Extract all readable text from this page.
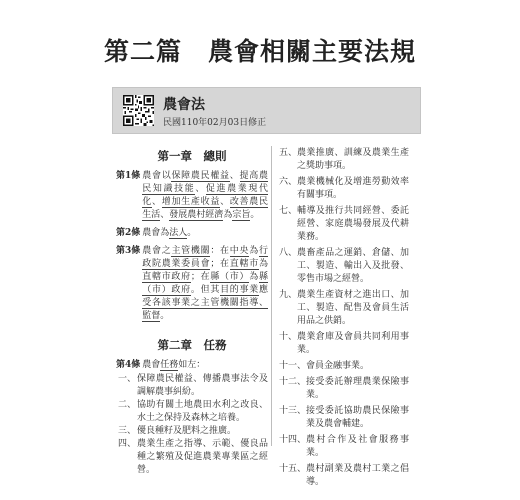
第二篇　農會相關主要法規
農會法
民國110年02月03日修正
第一章　總則
第1條 農會以保障農民權益、提高農民知識技能、促進農業現代化、增加生產收益、改善農民生活、發展農村經濟為宗旨。
第2條 農會為法人。
第3條 農會之主管機關：在中央為行政院農業委員會；在直轄市為直轄市政府；在縣（市）為縣（市）政府。但其目的事業應受各該事業之主管機關指導、監督。
第二章　任務
第4條 農會任務如左：
一、 保障農民權益、傳播農事法令及調解農事糾紛。
二、 協助有關土地農田水利之改良、水土之保持及森林之培養。
三、 優良種籽及肥料之推廣。
四、 農業生產之指導、示範、優良品種之繁殖及促進農業專業區之經營。
五、 農業推廣、訓練及農業生產之獎助事項。
六、 農業機械化及增進勞動效率有關事項。
七、 輔導及推行共同經營、委託經營、家庭農場發展及代耕業務。
八、 農畜產品之運銷、倉儲、加工、製造、輸出入及批發、零售市場之經營。
九、 農業生產資材之進出口、加工、製造、配售及會員生活用品之供銷。
十、 農業倉庫及會員共同利用事業。
十一、 會員金融事業。
十二、 接受委託辦理農業保險事業。
十三、 接受委託協助農民保險事業及農會輔建。
十四、 農村合作及社會服務事業。
十五、 農村副業及農村工業之倡導。
